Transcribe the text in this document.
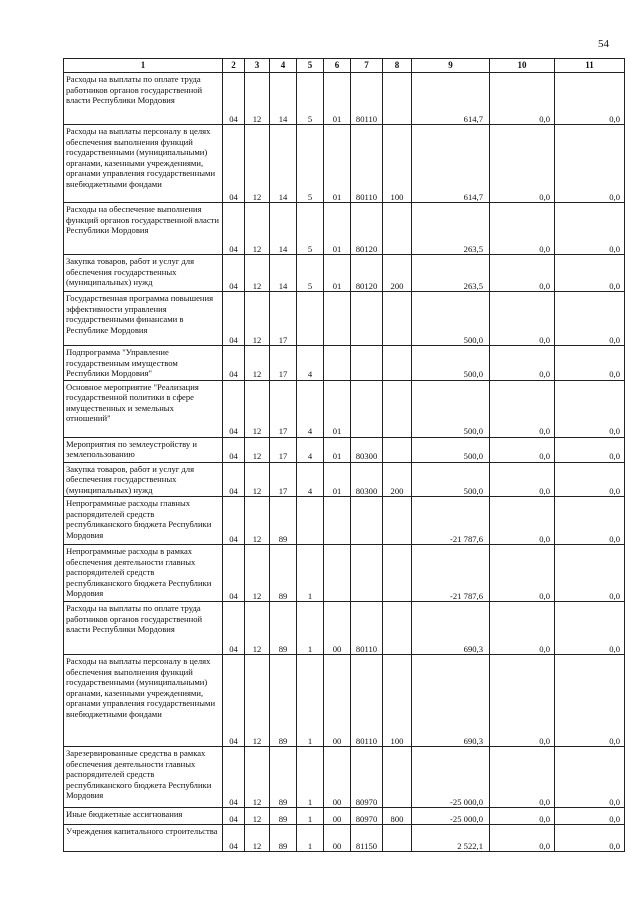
54
1	2	3	4	5	6	7	8	9	10	11
Расходы на выплаты по оплате труда работников органов государственной власти Республики Мордовия	04	12	14	5	01	80110		614,7	0,0	0,0
Расходы на выплаты персоналу в целях обеспечения выполнения функций государственными (муниципальными) органами, казенными учреждениями, органами управления государственными внебюджетными фондами	04	12	14	5	01	80110	100	614,7	0,0	0,0
Расходы на обеспечение выполнения функций органов государственной власти Республики Мордовия	04	12	14	5	01	80120		263,5	0,0	0,0
Закупка товаров, работ и услуг для обеспечения государственных (муниципальных) нужд	04	12	14	5	01	80120	200	263,5	0,0	0,0
Государственная программа повышения эффективности управления государственными финансами в Республике Мордовия	04	12	17					500,0	0,0	0,0
Подпрограмма "Управление государственным имуществом Республики Мордовия"	04	12	17	4				500,0	0,0	0,0
Основное мероприятие "Реализация государственной политики в сфере имущественных и земельных отношений"	04	12	17	4	01			500,0	0,0	0,0
Мероприятия по землеустройству и землепользованию	04	12	17	4	01	80300		500,0	0,0	0,0
Закупка товаров, работ и услуг для обеспечения государственных (муниципальных) нужд	04	12	17	4	01	80300	200	500,0	0,0	0,0
Непрограммные расходы главных распорядителей средств республиканского бюджета Республики Мордовия	04	12	89					-21 787,6	0,0	0,0
Непрограммные расходы в рамках обеспечения деятельности главных распорядителей средств республиканского бюджета Республики Мордовия	04	12	89	1				-21 787,6	0,0	0,0
Расходы на выплаты по оплате труда работников органов государственной власти Республики Мордовия	04	12	89	1	00	80110		690,3	0,0	0,0
Расходы на выплаты персоналу в целях обеспечения выполнения функций государственными (муниципальными) органами, казенными учреждениями, органами управления государственными внебюджетными фондами	04	12	89	1	00	80110	100	690,3	0,0	0,0
Зарезервированные средства в рамках обеспечения деятельности главных распорядителей средств республиканского бюджета Республики Мордовия	04	12	89	1	00	80970		-25 000,0	0,0	0,0
Иные бюджетные ассигнования	04	12	89	1	00	80970	800	-25 000,0	0,0	0,0
Учреждения капитального строительства	04	12	89	1	00	81150		2 522,1	0,0	0,0
